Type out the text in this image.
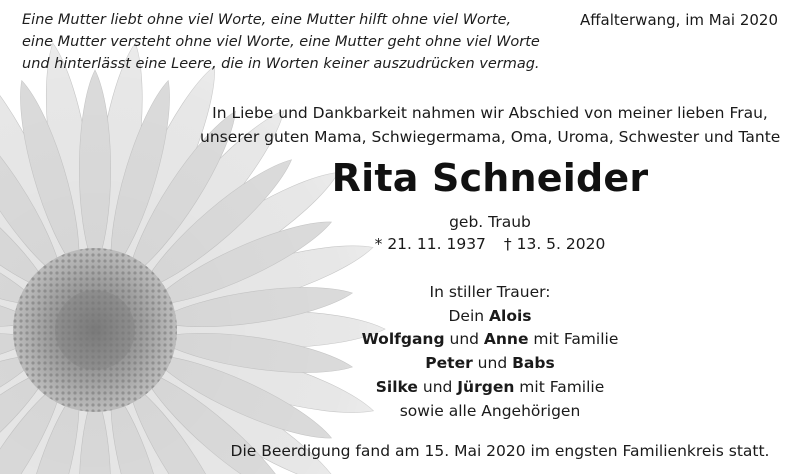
Eine Mutter liebt ohne viel Worte, eine Mutter hilft ohne viel Worte,
eine Mutter versteht ohne viel Worte, eine Mutter geht ohne viel Worte
und hinterlässt eine Leere, die in Worten keiner auszudrücken vermag.
Affalterwang, im Mai 2020
In Liebe und Dankbarkeit nahmen wir Abschied von meiner lieben Frau,
unserer guten Mama, Schwiegermama, Oma, Uroma, Schwester und Tante
Rita Schneider
geb. Traub
* 21. 11. 1937 † 13. 5. 2020
In stiller Trauer:
Dein Alois
Wolfgang und Anne mit Familie
Peter und Babs
Silke und Jürgen mit Familie
sowie alle Angehörigen
Die Beerdigung fand am 15. Mai 2020 im engsten Familienkreis statt.
